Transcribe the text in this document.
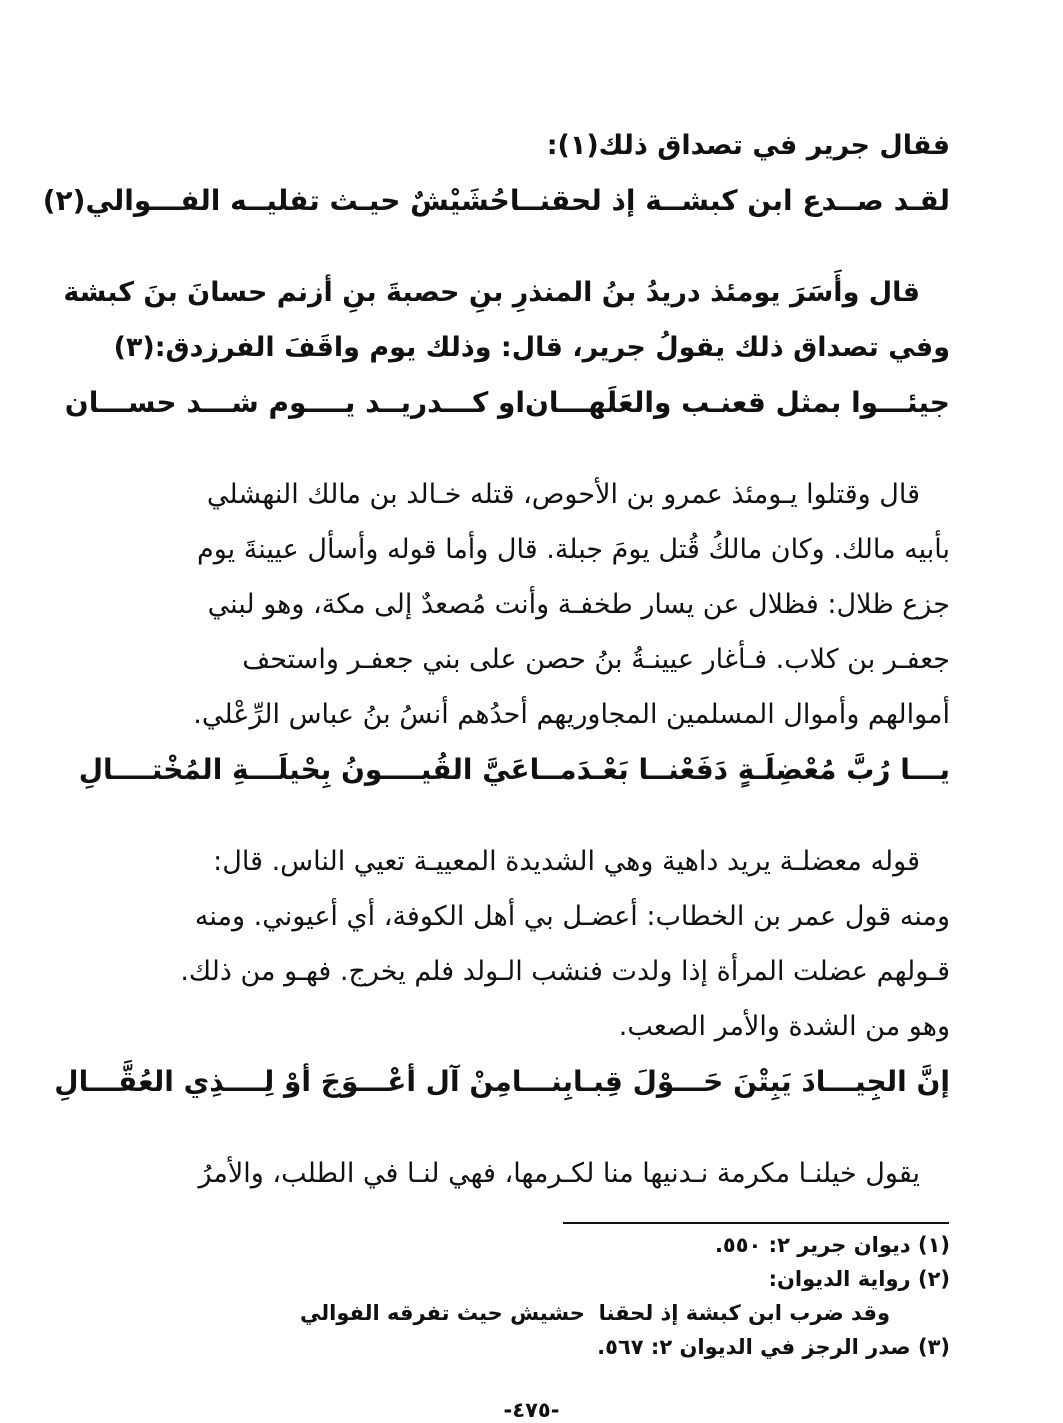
فقال جرير في تصداق ذلك(١):
لقـد صــدع ابن كبشــة إذ لحقنــا
حُشَيْشٌ حيـث تفليــه الفـــوالي(٢)
قال وأَسَرَ يومئذ دريدُ بنُ المنذرِ بنِ حصبةَ بنِ أزنم حسانَ بنَ كبشة
وفي تصداق ذلك يقولُ جرير، قال: وذلك يوم واقَفَ الفرزدق:(٣)
جيئـــوا بمثل قعنـب والعَلَهـــان
او كـــدريــد يــــوم شـــد حســـان
قال وقتلوا يـومئذ عمرو بن الأحوص، قتله خـالد بن مالك النهشلي
بأبيه مالك. وكان مالكُ قُتل يومَ جبلة. قال وأما قوله وأسأل عيينةَ يوم
جزع ظلال: فظلال عن يسار طخفـة وأنت مُصعدٌ إلى مكة، وهو لبني
جعفـر بن كلاب. فـأغار عيينـةُ بنُ حصن على بني جعفـر واستحف
أموالهم وأموال المسلمين المجاوريهم أحدُهم أنسُ بنُ عباس الرِّعْلي.
يـــا رُبَّ مُعْضِلَـةٍ دَفَعْنــا بَعْـدَمــا
عَيَّ القُيــــونُ بِحْيلَـــةِ المُخْتــــالِ
قوله معضلـة يريد داهية وهي الشديدة المعييـة تعيي الناس. قال:
ومنه قول عمر بن الخطاب: أعضـل بي أهل الكوفة، أي أعيوني. ومنه
قـولهم عضلت المرأة إذا ولدت فنشب الـولد فلم يخرج. فهـو من ذلك.
وهو من الشدة والأمر الصعب.
إنَّ الجِيـــادَ يَبِتْنَ حَـــوْلَ قِبـابِنـــا
مِنْ آل أعْـــوَجَ أوْ لِــــذِي العُقَّـــالِ
يقول خيلنـا مكرمة نـدنيها منا لكـرمها، فهي لنـا في الطلب، والأمرُ
(١) ديوان جرير ٢: ٥٥٠.
(٢) رواية الديوان:
وقد ضرب ابن كبشة إذ لحقنا
حشيش حيث تفرقه الفوالي
(٣) صدر الرجز في الديوان ٢: ٥٦٧.
-٤٧٥-
